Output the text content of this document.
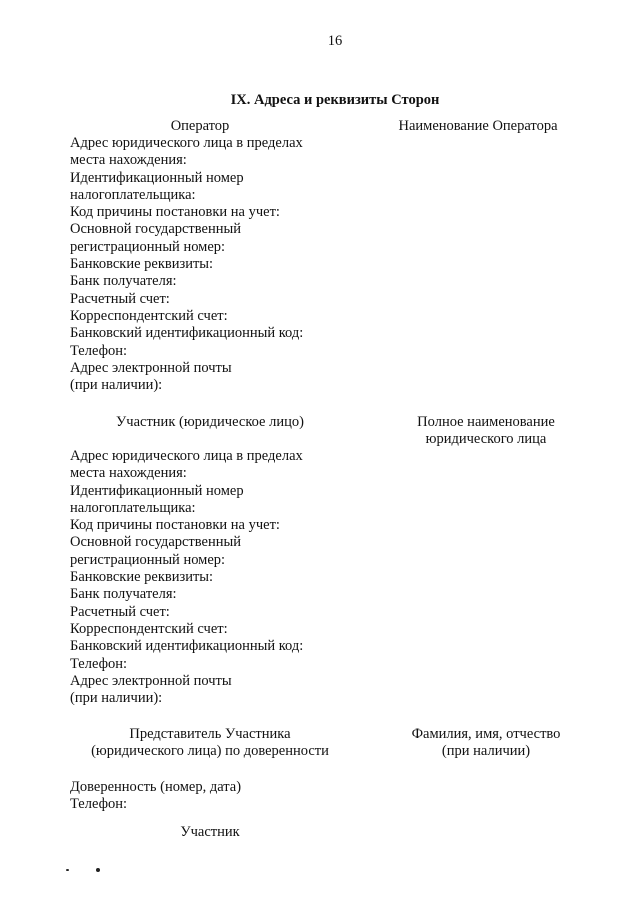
16
IX. Адреса и реквизиты Сторон
Оператор	Наименование Оператора
Адрес юридического лица в пределах
места нахождения:
Идентификационный номер
налогоплательщика:
Код причины постановки на учет:
Основной государственный
регистрационный номер:
Банковские реквизиты:
Банк получателя:
Расчетный счет:
Корреспондентский счет:
Банковский идентификационный код:
Телефон:
Адрес электронной почты
(при наличии):
Участник (юридическое лицо)	Полное наименование
юридического лица
Адрес юридического лица в пределах
места нахождения:
Идентификационный номер
налогоплательщика:
Код причины постановки на учет:
Основной государственный
регистрационный номер:
Банковские реквизиты:
Банк получателя:
Расчетный счет:
Корреспондентский счет:
Банковский идентификационный код:
Телефон:
Адрес электронной почты
(при наличии):
Представитель Участника
(юридического лица) по доверенности
Фамилия, имя, отчество
(при наличии)
Доверенность (номер, дата)
Телефон:
Участник
